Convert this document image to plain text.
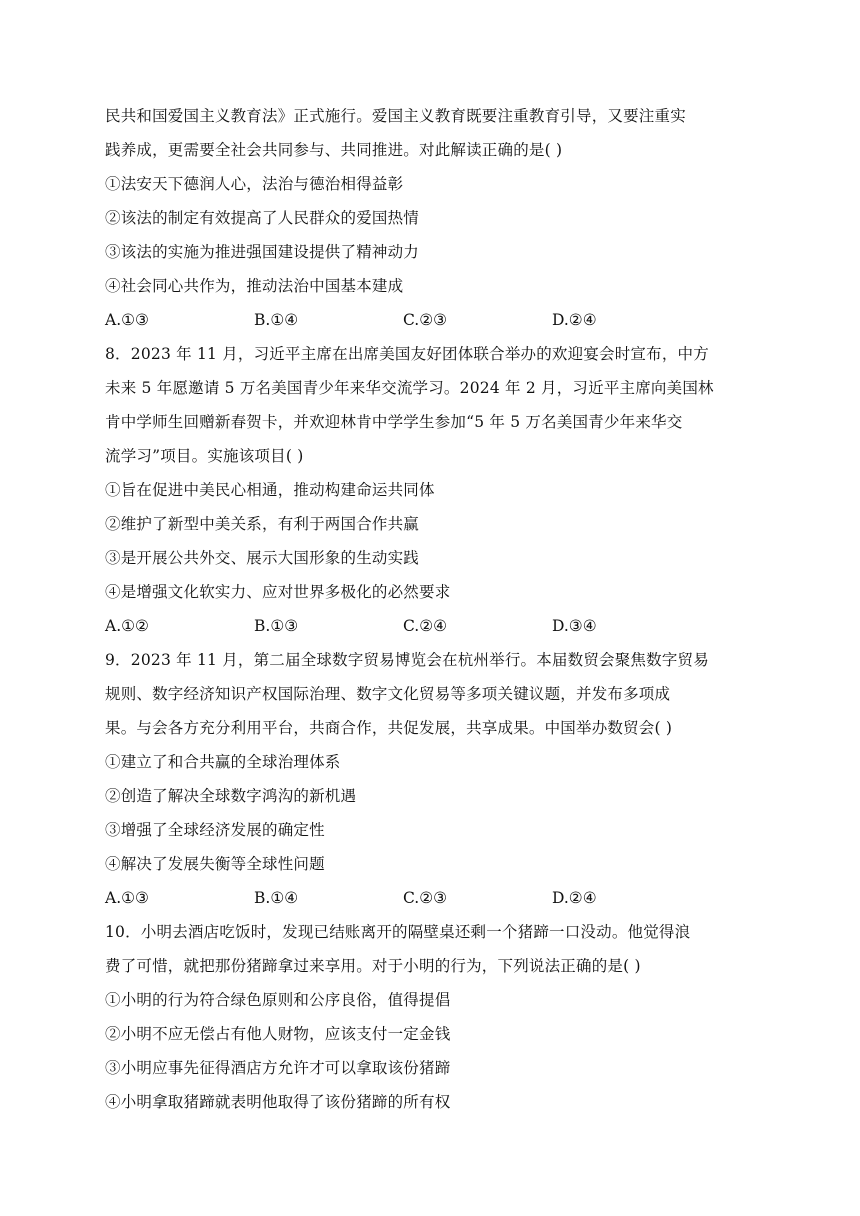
民共和国爱国主义教育法》正式施行。爱国主义教育既要注重教育引导，又要注重实
践养成，更需要全社会共同参与、共同推进。对此解读正确的是( )
①法安天下德润人心，法治与德治相得益彰
②该法的制定有效提高了人民群众的爱国热情
③该法的实施为推进强国建设提供了精神动力
④社会同心共作为，推动法治中国基本建成
A.①③	B.①④	C.②③	D.②④
8．2023 年 11 月，习近平主席在出席美国友好团体联合举办的欢迎宴会时宣布，中方
未来 5 年愿邀请 5 万名美国青少年来华交流学习。2024 年 2 月，习近平主席向美国林
肯中学师生回赠新春贺卡，并欢迎林肯中学学生参加“5 年 5 万名美国青少年来华交
流学习”项目。实施该项目( )
①旨在促进中美民心相通，推动构建命运共同体
②维护了新型中美关系，有利于两国合作共赢
③是开展公共外交、展示大国形象的生动实践
④是增强文化软实力、应对世界多极化的必然要求
A.①②	B.①③	C.②④	D.③④
9．2023 年 11 月，第二届全球数字贸易博览会在杭州举行。本届数贸会聚焦数字贸易
规则、数字经济知识产权国际治理、数字文化贸易等多项关键议题，并发布多项成
果。与会各方充分利用平台，共商合作，共促发展，共享成果。中国举办数贸会( )
①建立了和合共赢的全球治理体系
②创造了解决全球数字鸿沟的新机遇
③增强了全球经济发展的确定性
④解决了发展失衡等全球性问题
A.①③	B.①④	C.②③	D.②④
10．小明去酒店吃饭时，发现已结账离开的隔壁桌还剩一个猪蹄一口没动。他觉得浪
费了可惜，就把那份猪蹄拿过来享用。对于小明的行为，下列说法正确的是( )
①小明的行为符合绿色原则和公序良俗，值得提倡
②小明不应无偿占有他人财物，应该支付一定金钱
③小明应事先征得酒店方允许才可以拿取该份猪蹄
④小明拿取猪蹄就表明他取得了该份猪蹄的所有权
